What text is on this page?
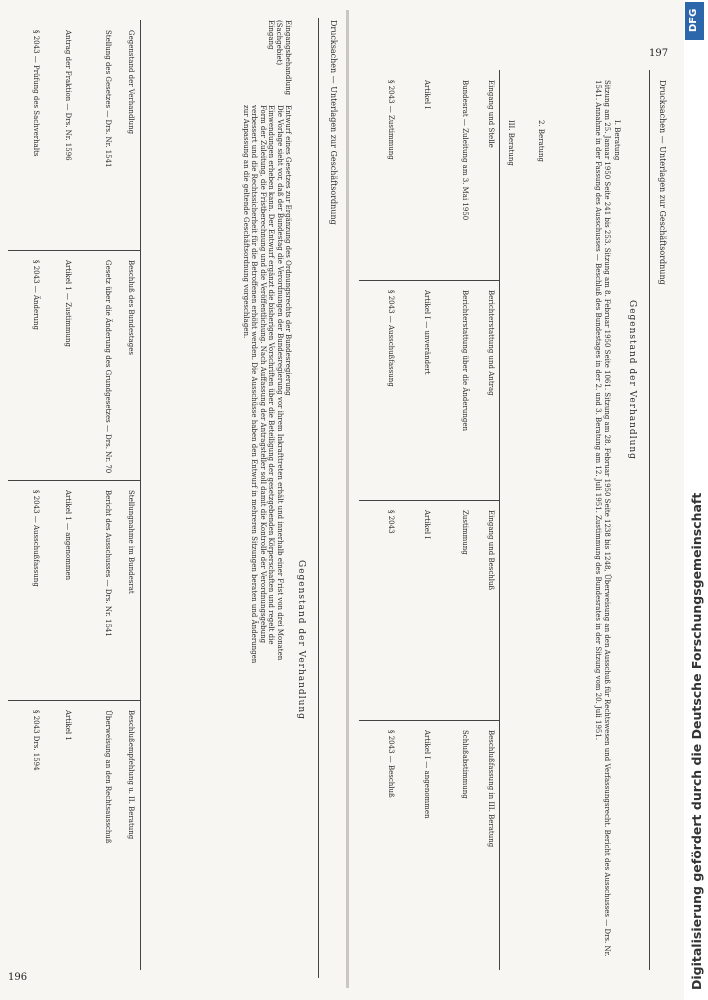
196
Drucksachen — Unterlagen zur Geschäftsordnung
Gegenstand der Verhandlung
Eingangsbehandlung
(Sachgebiet)
Eingang
Entwurf eines Gesetzes zur Ergänzung des Ordnungsrechts der Bundesregierung
Die Vorlage sieht vor, daß der Bundestag die Verordnungen der Bundesregierung vor ihrem Inkrafttreten erhält und innerhalb einer Frist von drei Monaten Einwendungen erheben kann. Der Entwurf ergänzt die bisherigen Vorschriften über die Beteiligung der gesetzgebenden Körperschaften und regelt die Form der Zuleitung, die Fristberechnung und die Veröffentlichung. Nach Auffassung der Antragsteller soll damit die Kontrolle der Verordnungsgebung verbessert und die Rechtssicherheit für die Betroffenen erhöht werden. Die Ausschüsse haben den Entwurf in mehreren Sitzungen beraten und Änderungen zur Anpassung an die geltende Geschäftsordnung vorgeschlagen.
Gegenstand der Verhandlung
Beschluß des Bundestages
Stellungnahme im Bundesrat
Beschlußempfehlung u. II. Beratung
Stellung des Gesetzes — Drs. Nr. 1541
Gesetz über die Änderung des Grundgesetzes — Drs. Nr. 70
Bericht des Ausschusses — Drs. Nr. 1541
Überweisung an den Rechtsausschuß
Antrag der Fraktion — Drs. Nr. 1596
Artikel 1 — Zustimmung
Artikel 1 — angenommen
Artikel 1
§ 2043 — Prüfung des Sachverhalts
§ 2043 — Änderung
§ 2043 — Ausschußfassung
§ 2043 Drs. 1594
197
Drucksachen — Unterlagen zur Geschäftsordnung
Gegenstand der Verhandlung
I. Beratung
Sitzung am 25. Januar 1950 Seite 241 bis 253. Sitzung am 8. Februar 1950 Seite 1061. Sitzung am 28. Februar 1950 Seite 1238 bis 1248, Überweisung an den Ausschuß für Rechtswesen und Verfassungsrecht. Bericht des Ausschusses — Drs. Nr. 1541. Annahme in der Fassung des Ausschusses — Beschluß des Bundestages in der 2. und 3. Beratung am 12. Juli 1951. Zustimmung des Bundesrates in der Sitzung vom 20. Juli 1951.
2. Beratung
III. Beratung
Eingang und Stelle
Berichterstattung und Antrag
Eingang und Beschluß
Beschlußfassung in III. Beratung
Bundesrat — Zuleitung am 3. Mai 1950
Berichterstattung über die Änderungen
Zustimmung
Schlußabstimmung
Artikel I
Artikel I — unverändert
Artikel I
Artikel I — angenommen
§ 2043 — Zustimmung
§ 2043 — Ausschußfassung
§ 2043
§ 2043 — Beschluß
DFG
Digitalisierung gefördert durch die Deutsche Forschungsgemeinschaft
